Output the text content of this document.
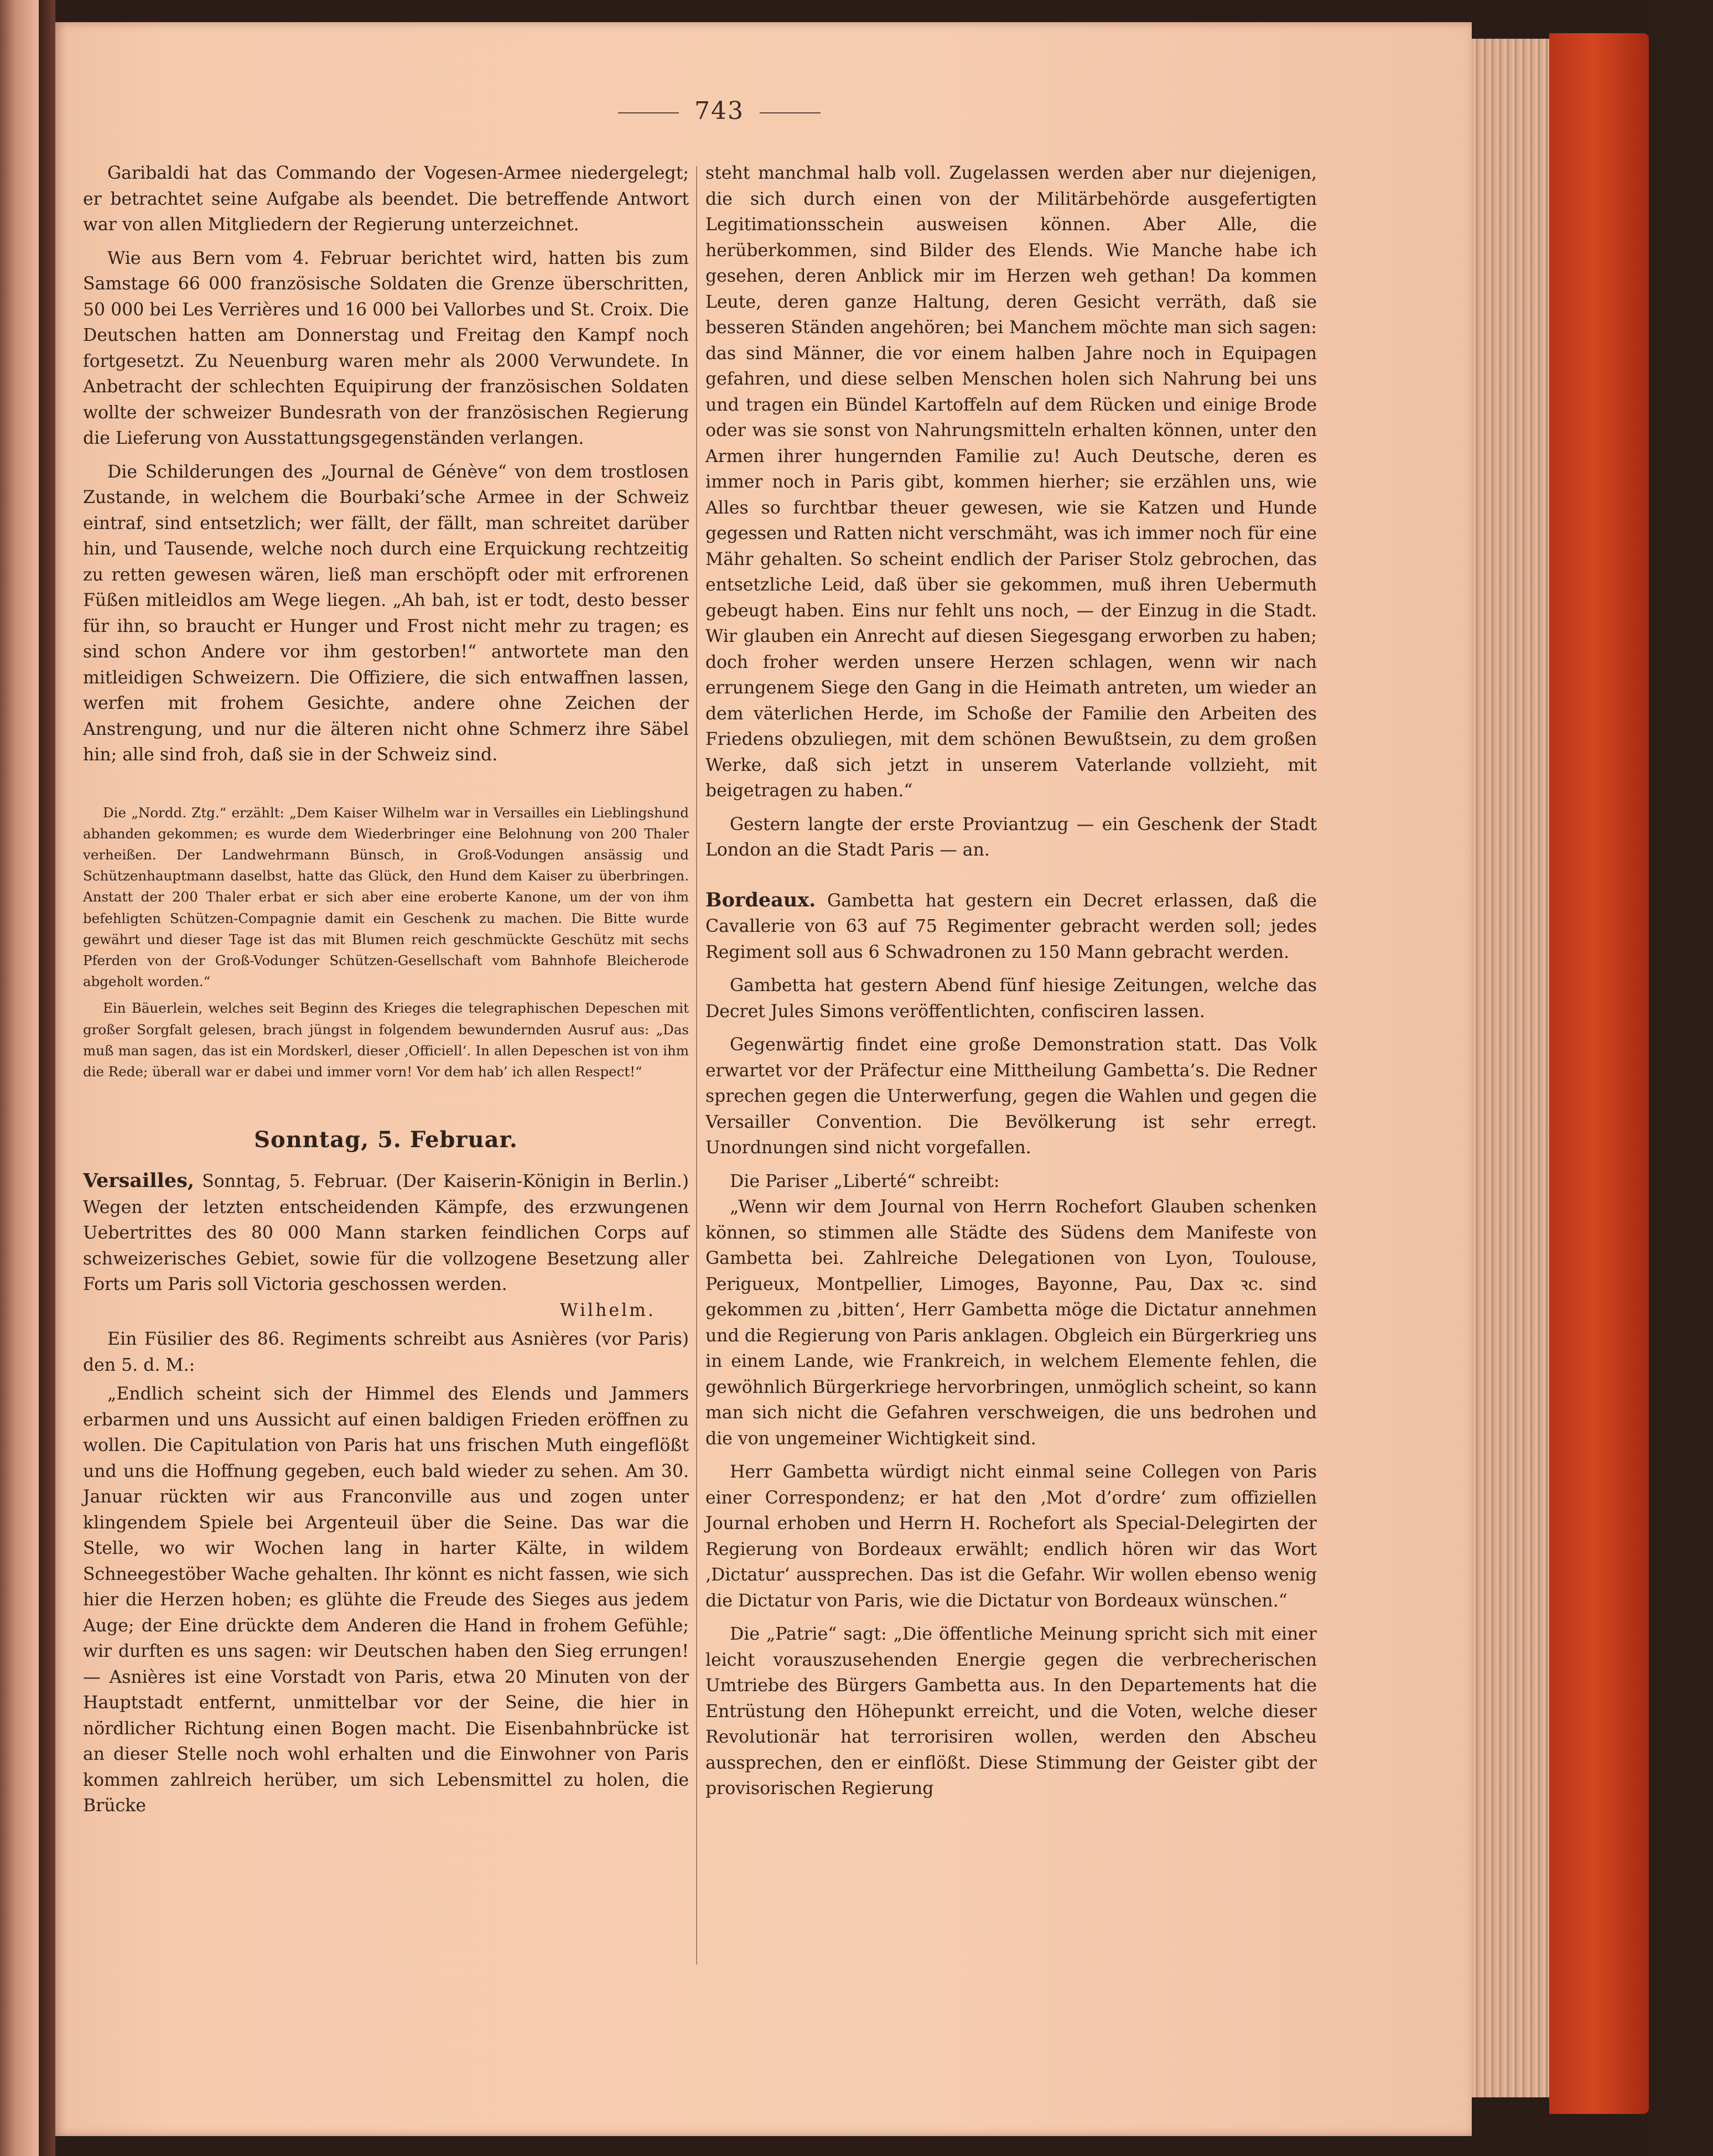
743

Garibaldi hat das Commando der Vogesen-Armee niedergelegt; er betrachtet seine Aufgabe als beendet. Die betreffende Antwort war von allen Mitgliedern der Regierung unterzeichnet.

Wie aus Bern vom 4. Februar berichtet wird, hatten bis zum Samstage 66 000 französische Soldaten die Grenze überschritten, 50 000 bei Les Verrières und 16 000 bei Vallorbes und St. Croix. Die Deutschen hatten am Donnerstag und Freitag den Kampf noch fortgesetzt. Zu Neuenburg waren mehr als 2000 Verwundete. In Anbetracht der schlechten Equipirung der französischen Soldaten wollte der schweizer Bundesrath von der französischen Regierung die Lieferung von Ausstattungsgegenständen verlangen.

Die Schilderungen des „Journal de Génève“ von dem trostlosen Zustande, in welchem die Bourbaki’sche Armee in der Schweiz eintraf, sind entsetzlich; wer fällt, der fällt, man schreitet darüber hin, und Tausende, welche noch durch eine Erquickung rechtzeitig zu retten gewesen wären, ließ man erschöpft oder mit erfrorenen Füßen mitleidlos am Wege liegen. „Ah bah, ist er todt, desto besser für ihn, so braucht er Hunger und Frost nicht mehr zu tragen; es sind schon Andere vor ihm gestorben!“ antwortete man den mitleidigen Schweizern. Die Offiziere, die sich entwaffnen lassen, werfen mit frohem Gesichte, andere ohne Zeichen der Anstrengung, und nur die älteren nicht ohne Schmerz ihre Säbel hin; alle sind froh, daß sie in der Schweiz sind.

Die „Nordd. Ztg.“ erzählt: „Dem Kaiser Wilhelm war in Versailles ein Lieblingshund abhanden gekommen; es wurde dem Wiederbringer eine Belohnung von 200 Thaler verheißen. Der Landwehrmann Bünsch, in Groß-Vodungen ansässig und Schützenhauptmann daselbst, hatte das Glück, den Hund dem Kaiser zu überbringen. Anstatt der 200 Thaler erbat er sich aber eine eroberte Kanone, um der von ihm befehligten Schützen-Compagnie damit ein Geschenk zu machen. Die Bitte wurde gewährt und dieser Tage ist das mit Blumen reich geschmückte Geschütz mit sechs Pferden von der Groß-Vodunger Schützen-Gesellschaft vom Bahnhofe Bleicherode abgeholt worden.“

Ein Bäuerlein, welches seit Beginn des Krieges die telegraphischen Depeschen mit großer Sorgfalt gelesen, brach jüngst in folgendem bewundernden Ausruf aus: „Das muß man sagen, das ist ein Mordskerl, dieser ‚Officiell‘. In allen Depeschen ist von ihm die Rede; überall war er dabei und immer vorn! Vor dem hab’ ich allen Respect!“

Sonntag, 5. Februar.

Versailles, Sonntag, 5. Februar. (Der Kaiserin-Königin in Berlin.) Wegen der letzten entscheidenden Kämpfe, des erzwungenen Uebertrittes des 80 000 Mann starken feindlichen Corps auf schweizerisches Gebiet, sowie für die vollzogene Besetzung aller Forts um Paris soll Victoria geschossen werden.

Wilhelm.

Ein Füsilier des 86. Regiments schreibt aus Asnières (vor Paris) den 5. d. M.:

„Endlich scheint sich der Himmel des Elends und Jammers erbarmen und uns Aussicht auf einen baldigen Frieden eröffnen zu wollen. Die Capitulation von Paris hat uns frischen Muth eingeflößt und uns die Hoffnung gegeben, euch bald wieder zu sehen. Am 30. Januar rückten wir aus Franconville aus und zogen unter klingendem Spiele bei Argenteuil über die Seine. Das war die Stelle, wo wir Wochen lang in harter Kälte, in wildem Schneegestöber Wache gehalten. Ihr könnt es nicht fassen, wie sich hier die Herzen hoben; es glühte die Freude des Sieges aus jedem Auge; der Eine drückte dem Anderen die Hand in frohem Gefühle; wir durften es uns sagen: wir Deutschen haben den Sieg errungen! — Asnières ist eine Vorstadt von Paris, etwa 20 Minuten von der Hauptstadt entfernt, unmittelbar vor der Seine, die hier in nördlicher Richtung einen Bogen macht. Die Eisenbahnbrücke ist an dieser Stelle noch wohl erhalten und die Einwohner von Paris kommen zahlreich herüber, um sich Lebensmittel zu holen, die Brücke

steht manchmal halb voll. Zugelassen werden aber nur diejenigen, die sich durch einen von der Militärbehörde ausgefertigten Legitimationsschein ausweisen können. Aber Alle, die herüberkommen, sind Bilder des Elends. Wie Manche habe ich gesehen, deren Anblick mir im Herzen weh gethan! Da kommen Leute, deren ganze Haltung, deren Gesicht verräth, daß sie besseren Ständen angehören; bei Manchem möchte man sich sagen: das sind Männer, die vor einem halben Jahre noch in Equipagen gefahren, und diese selben Menschen holen sich Nahrung bei uns und tragen ein Bündel Kartoffeln auf dem Rücken und einige Brode oder was sie sonst von Nahrungsmitteln erhalten können, unter den Armen ihrer hungernden Familie zu! Auch Deutsche, deren es immer noch in Paris gibt, kommen hierher; sie erzählen uns, wie Alles so furchtbar theuer gewesen, wie sie Katzen und Hunde gegessen und Ratten nicht verschmäht, was ich immer noch für eine Mähr gehalten. So scheint endlich der Pariser Stolz gebrochen, das entsetzliche Leid, daß über sie gekommen, muß ihren Uebermuth gebeugt haben. Eins nur fehlt uns noch, — der Einzug in die Stadt. Wir glauben ein Anrecht auf diesen Siegesgang erworben zu haben; doch froher werden unsere Herzen schlagen, wenn wir nach errungenem Siege den Gang in die Heimath antreten, um wieder an dem väterlichen Herde, im Schoße der Familie den Arbeiten des Friedens obzuliegen, mit dem schönen Bewußtsein, zu dem großen Werke, daß sich jetzt in unserem Vaterlande vollzieht, mit beigetragen zu haben.“

Gestern langte der erste Proviantzug — ein Geschenk der Stadt London an die Stadt Paris — an.

Bordeaux. Gambetta hat gestern ein Decret erlassen, daß die Cavallerie von 63 auf 75 Regimenter gebracht werden soll; jedes Regiment soll aus 6 Schwadronen zu 150 Mann gebracht werden.

Gambetta hat gestern Abend fünf hiesige Zeitungen, welche das Decret Jules Simons veröffentlichten, confisciren lassen.

Gegenwärtig findet eine große Demonstration statt. Das Volk erwartet vor der Präfectur eine Mittheilung Gambetta’s. Die Redner sprechen gegen die Unterwerfung, gegen die Wahlen und gegen die Versailler Convention. Die Bevölkerung ist sehr erregt. Unordnungen sind nicht vorgefallen.

Die Pariser „Liberté“ schreibt:

„Wenn wir dem Journal von Herrn Rochefort Glauben schenken können, so stimmen alle Städte des Südens dem Manifeste von Gambetta bei. Zahlreiche Delegationen von Lyon, Toulouse, Perigueux, Montpellier, Limoges, Bayonne, Pau, Dax ꝛc. sind gekommen zu ‚bitten‘, Herr Gambetta möge die Dictatur annehmen und die Regierung von Paris anklagen. Obgleich ein Bürgerkrieg uns in einem Lande, wie Frankreich, in welchem Elemente fehlen, die gewöhnlich Bürgerkriege hervorbringen, unmöglich scheint, so kann man sich nicht die Gefahren verschweigen, die uns bedrohen und die von ungemeiner Wichtigkeit sind.

Herr Gambetta würdigt nicht einmal seine Collegen von Paris einer Correspondenz; er hat den ‚Mot d’ordre‘ zum offiziellen Journal erhoben und Herrn H. Rochefort als Special-Delegirten der Regierung von Bordeaux erwählt; endlich hören wir das Wort ‚Dictatur‘ aussprechen. Das ist die Gefahr. Wir wollen ebenso wenig die Dictatur von Paris, wie die Dictatur von Bordeaux wünschen.“

Die „Patrie“ sagt: „Die öffentliche Meinung spricht sich mit einer leicht vorauszusehenden Energie gegen die verbrecherischen Umtriebe des Bürgers Gambetta aus. In den Departements hat die Entrüstung den Höhepunkt erreicht, und die Voten, welche dieser Revolutionär hat terrorisiren wollen, werden den Abscheu aussprechen, den er einflößt. Diese Stimmung der Geister gibt der provisorischen Regierung
